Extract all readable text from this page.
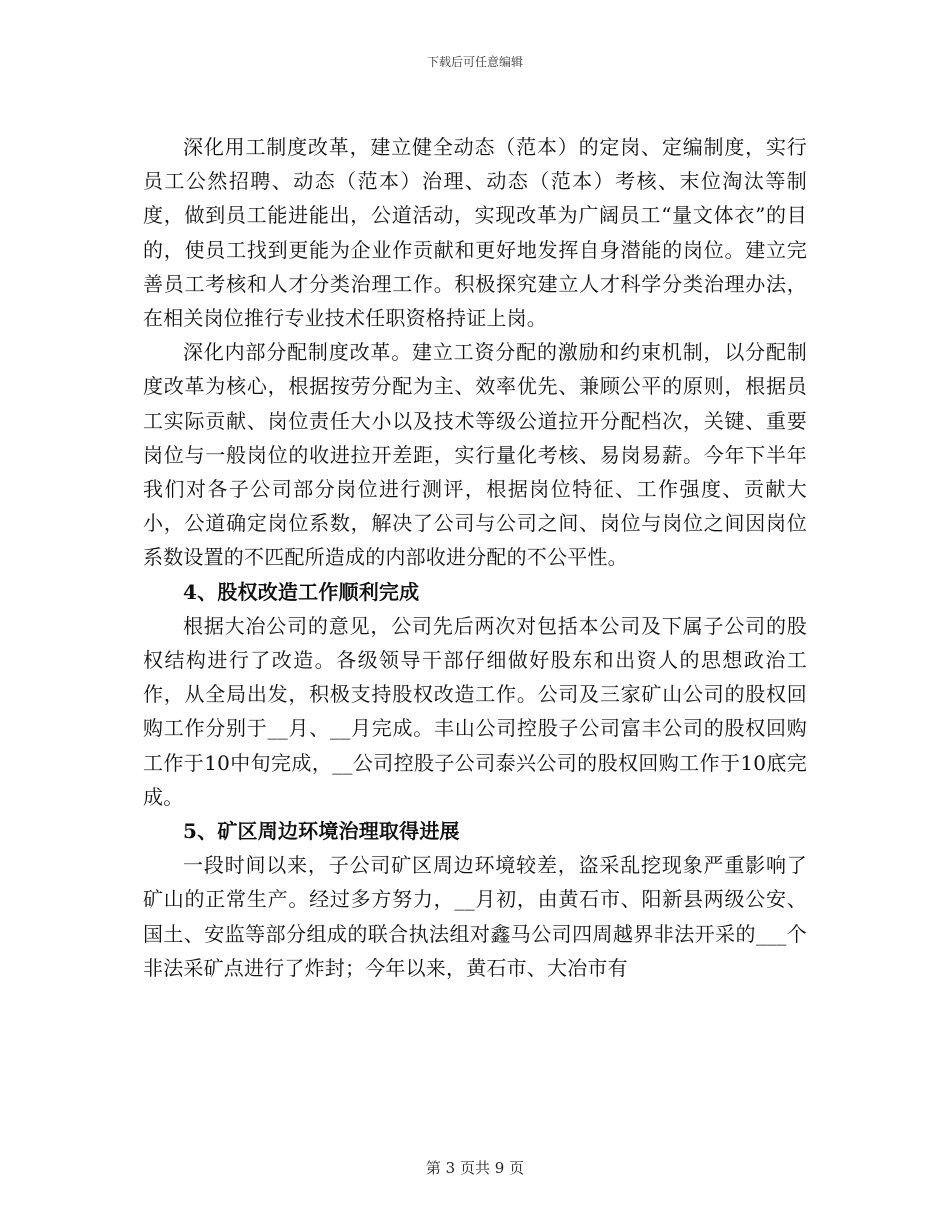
下载后可任意编辑

深化用工制度改革，建立健全动态（范本）的定岗、定编制度，实行员工公然招聘、动态（范本）治理、动态（范本）考核、末位淘汰等制度，做到员工能进能出，公道活动，实现改革为广阔员工“量文体衣”的目的，使员工找到更能为企业作贡献和更好地发挥自身潜能的岗位。建立完善员工考核和人才分类治理工作。积极探究建立人才科学分类治理办法，在相关岗位推行专业技术任职资格持证上岗。

深化内部分配制度改革。建立工资分配的激励和约束机制，以分配制度改革为核心，根据按劳分配为主、效率优先、兼顾公平的原则，根据员工实际贡献、岗位责任大小以及技术等级公道拉开分配档次，关键、重要岗位与一般岗位的收进拉开差距，实行量化考核、易岗易薪。今年下半年我们对各子公司部分岗位进行测评，根据岗位特征、工作强度、贡献大小，公道确定岗位系数，解决了公司与公司之间、岗位与岗位之间因岗位系数设置的不匹配所造成的内部收进分配的不公平性。

4、股权改造工作顺利完成

根据大冶公司的意见，公司先后两次对包括本公司及下属子公司的股权结构进行了改造。各级领导干部仔细做好股东和出资人的思想政治工作，从全局出发，积极支持股权改造工作。公司及三家矿山公司的股权回购工作分别于__月、__月完成。丰山公司控股子公司富丰公司的股权回购工作于10中旬完成，__公司控股子公司泰兴公司的股权回购工作于10底完成。

5、矿区周边环境治理取得进展

一段时间以来，子公司矿区周边环境较差，盗采乱挖现象严重影响了矿山的正常生产。经过多方努力，__月初，由黄石市、阳新县两级公安、国土、安监等部分组成的联合执法组对鑫马公司四周越界非法开采的___个非法采矿点进行了炸封；今年以来，黄石市、大冶市有

第 3 页共 9 页
